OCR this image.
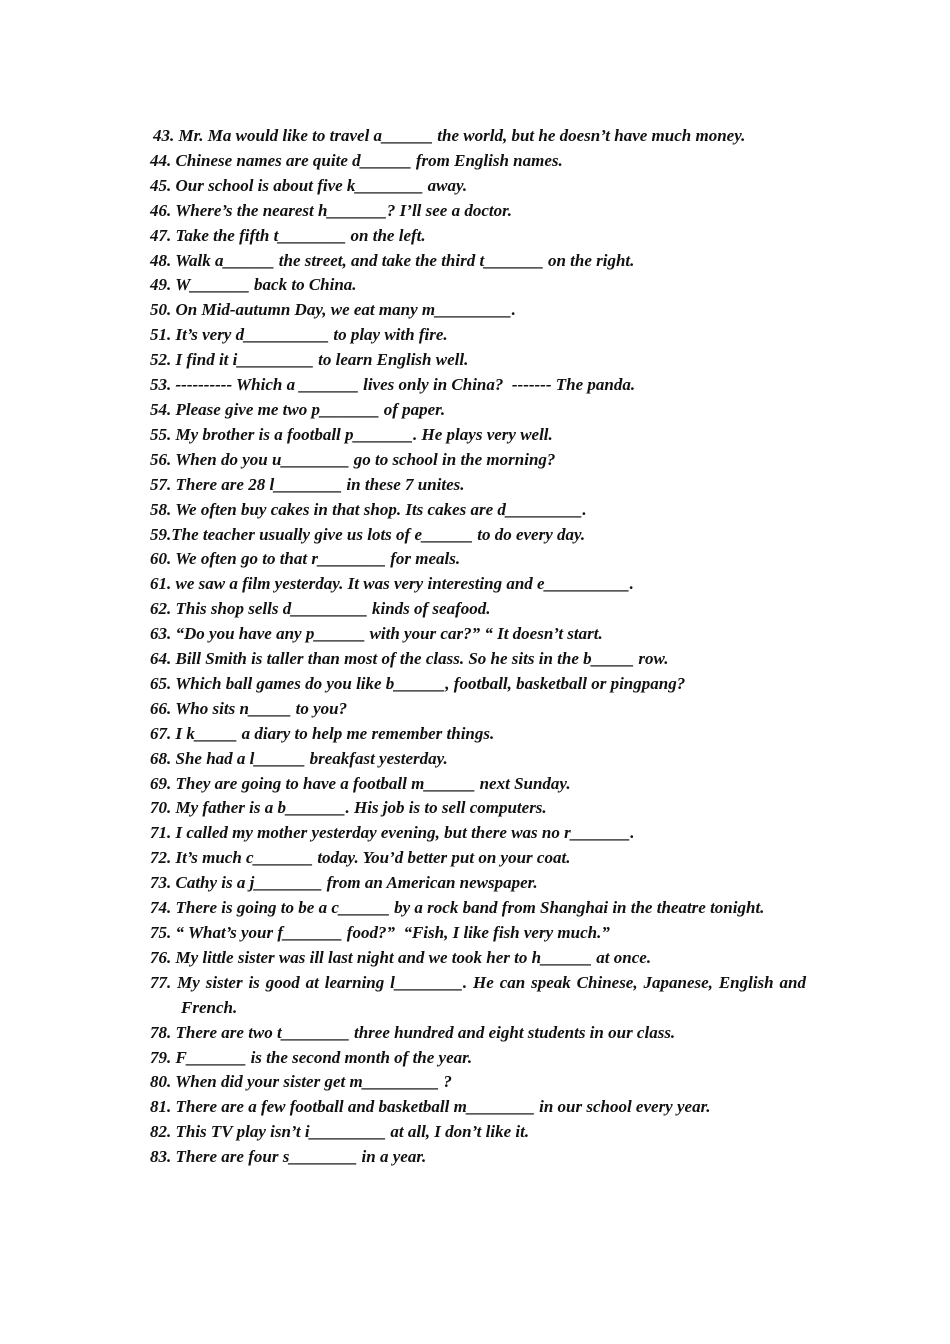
43. Mr. Ma would like to travel a______ the world, but he doesn’t have much money.
44. Chinese names are quite d______ from English names.
45. Our school is about five k________ away.
46. Where’s the nearest h_______? I’ll see a doctor.
47. Take the fifth t________ on the left.
48. Walk a______ the street, and take the third t_______ on the right.
49. W_______ back to China.
50. On Mid-autumn Day, we eat many m_________.
51. It’s very d__________ to play with fire.
52. I find it i_________ to learn English well.
53. ---------- Which a _______ lives only in China?  ------- The panda.
54. Please give me two p_______ of paper.
55. My brother is a football p_______. He plays very well.
56. When do you u________ go to school in the morning?
57. There are 28 l________ in these 7 unites.
58. We often buy cakes in that shop. Its cakes are d_________.
59.The teacher usually give us lots of e______ to do every day.
60. We often go to that r________ for meals.
61. we saw a film yesterday. It was very interesting and e__________.
62. This shop sells d_________ kinds of seafood.
63. “Do you have any p______ with your car?” “ It doesn’t start.
64. Bill Smith is taller than most of the class. So he sits in the b_____ row.
65. Which ball games do you like b______, football, basketball or pingpang?
66. Who sits n_____ to you?
67. I k_____ a diary to help me remember things.
68. She had a l______ breakfast yesterday.
69. They are going to have a football m______ next Sunday.
70. My father is a b_______. His job is to sell computers.
71. I called my mother yesterday evening, but there was no r_______.
72. It’s much c_______ today. You’d better put on your coat.
73. Cathy is a j________ from an American newspaper.
74. There is going to be a c______ by a rock band from Shanghai in the theatre tonight.
75. “ What’s your f_______ food?”  “Fish, I like fish very much.”
76. My little sister was ill last night and we took her to h______ at once.
77. My sister is good at learning l________. He can speak Chinese, Japanese, English and French.
78. There are two t________ three hundred and eight students in our class.
79. F_______ is the second month of the year.
80. When did your sister get m_________ ?
81. There are a few football and basketball m________ in our school every year.
82. This TV play isn’t i_________ at all, I don’t like it.
83. There are four s________ in a year.
